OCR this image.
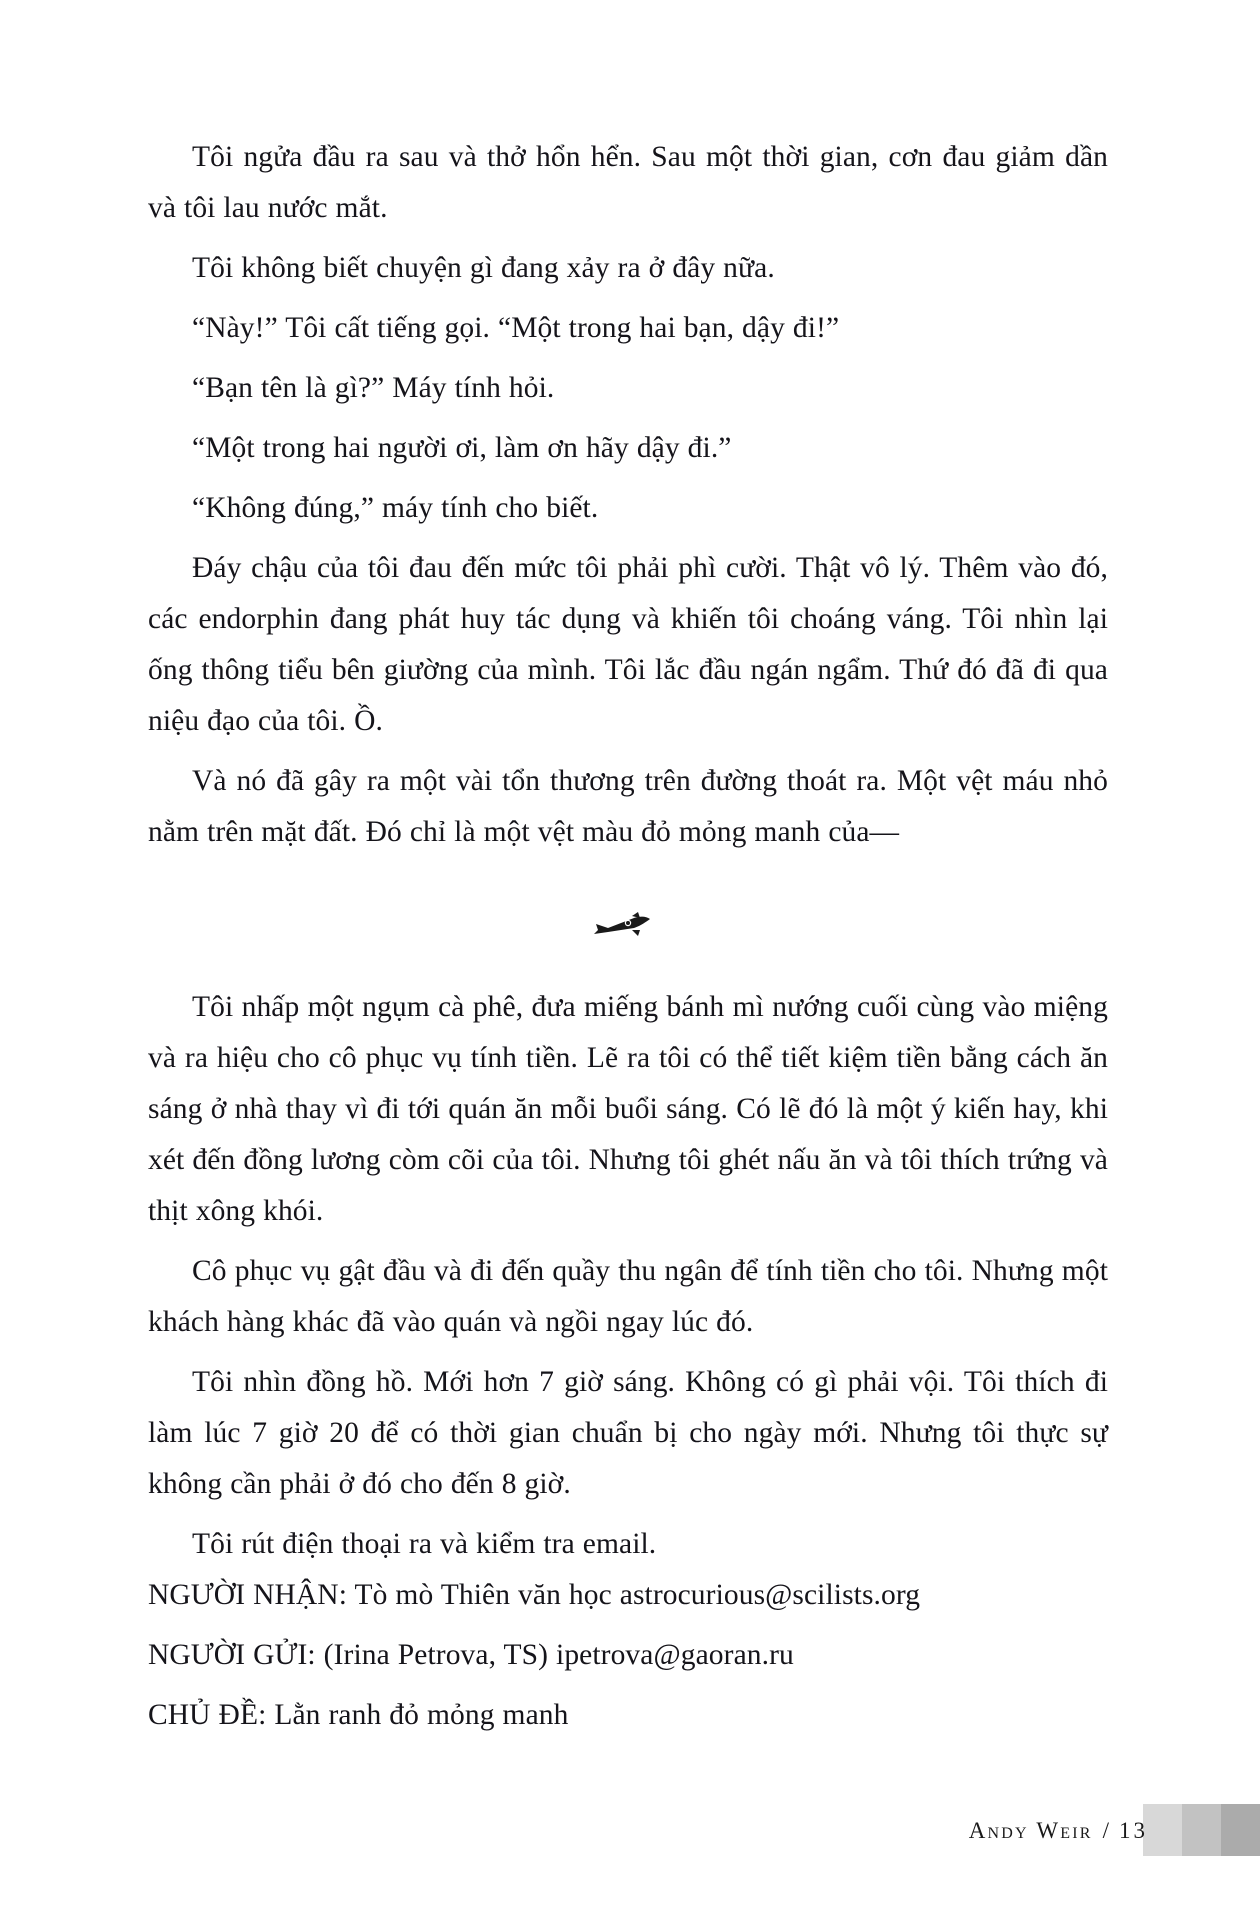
Tôi ngửa đầu ra sau và thở hổn hển. Sau một thời gian, cơn đau giảm dần và tôi lau nước mắt.

Tôi không biết chuyện gì đang xảy ra ở đây nữa.

“Này!” Tôi cất tiếng gọi. “Một trong hai bạn, dậy đi!”

“Bạn tên là gì?” Máy tính hỏi.

“Một trong hai người ơi, làm ơn hãy dậy đi.”

“Không đúng,” máy tính cho biết.

Đáy chậu của tôi đau đến mức tôi phải phì cười. Thật vô lý. Thêm vào đó, các endorphin đang phát huy tác dụng và khiến tôi choáng váng. Tôi nhìn lại ống thông tiểu bên giường của mình. Tôi lắc đầu ngán ngẩm. Thứ đó đã đi qua niệu đạo của tôi. Ồ.

Và nó đã gây ra một vài tổn thương trên đường thoát ra. Một vệt máu nhỏ nằm trên mặt đất. Đó chỉ là một vệt màu đỏ mỏng manh của—

Tôi nhấp một ngụm cà phê, đưa miếng bánh mì nướng cuối cùng vào miệng và ra hiệu cho cô phục vụ tính tiền. Lẽ ra tôi có thể tiết kiệm tiền bằng cách ăn sáng ở nhà thay vì đi tới quán ăn mỗi buổi sáng. Có lẽ đó là một ý kiến hay, khi xét đến đồng lương còm cõi của tôi. Nhưng tôi ghét nấu ăn và tôi thích trứng và thịt xông khói.

Cô phục vụ gật đầu và đi đến quầy thu ngân để tính tiền cho tôi. Nhưng một khách hàng khác đã vào quán và ngồi ngay lúc đó.

Tôi nhìn đồng hồ. Mới hơn 7 giờ sáng. Không có gì phải vội. Tôi thích đi làm lúc 7 giờ 20 để có thời gian chuẩn bị cho ngày mới. Nhưng tôi thực sự không cần phải ở đó cho đến 8 giờ.

Tôi rút điện thoại ra và kiểm tra email.

NGƯỜI NHẬN: Tò mò Thiên văn học astrocurious@scilists.org

NGƯỜI GỬI: (Irina Petrova, TS) ipetrova@gaoran.ru

CHỦ ĐỀ: Lằn ranh đỏ mỏng manh

Andy Weir / 13
